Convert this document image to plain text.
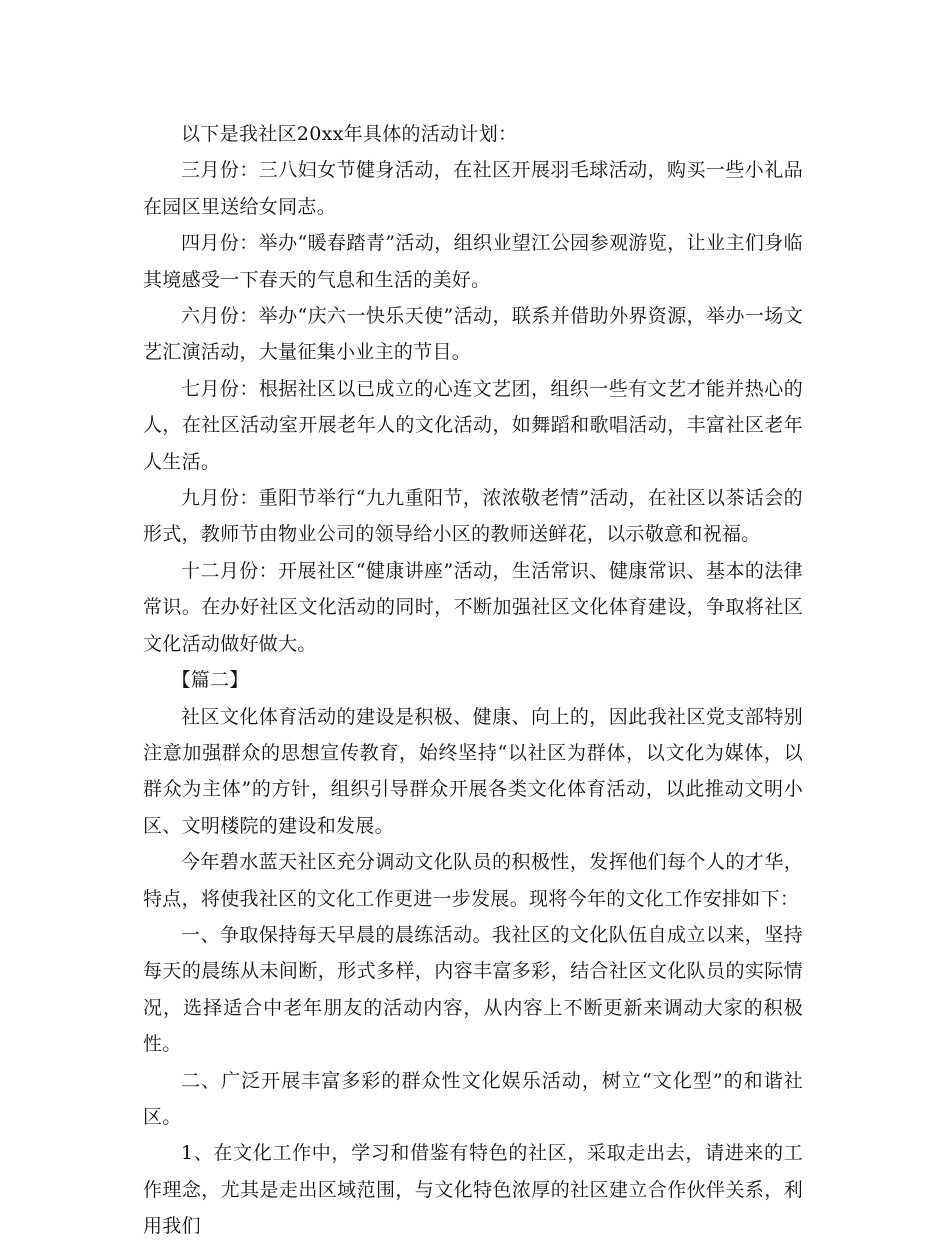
以下是我社区20xx年具体的活动计划：

三月份：三八妇女节健身活动，在社区开展羽毛球活动，购买一些小礼品在园区里送给女同志。

四月份：举办“暖春踏青”活动，组织业望江公园参观游览，让业主们身临其境感受一下春天的气息和生活的美好。

六月份：举办“庆六一快乐天使”活动，联系并借助外界资源，举办一场文艺汇演活动，大量征集小业主的节目。

七月份：根据社区以已成立的心连文艺团，组织一些有文艺才能并热心的人，在社区活动室开展老年人的文化活动，如舞蹈和歌唱活动，丰富社区老年人生活。

九月份：重阳节举行“九九重阳节，浓浓敬老情”活动，在社区以茶话会的形式，教师节由物业公司的领导给小区的教师送鲜花，以示敬意和祝福。

十二月份：开展社区“健康讲座”活动，生活常识、健康常识、基本的法律常识。在办好社区文化活动的同时，不断加强社区文化体育建设，争取将社区文化活动做好做大。

【篇二】

社区文化体育活动的建设是积极、健康、向上的，因此我社区党支部特别注意加强群众的思想宣传教育，始终坚持“以社区为群体，以文化为媒体，以群众为主体”的方针，组织引导群众开展各类文化体育活动，以此推动文明小区、文明楼院的建设和发展。

今年碧水蓝天社区充分调动文化队员的积极性，发挥他们每个人的才华，特点，将使我社区的文化工作更进一步发展。现将今年的文化工作安排如下：

一、争取保持每天早晨的晨练活动。我社区的文化队伍自成立以来，坚持每天的晨练从未间断，形式多样，内容丰富多彩，结合社区文化队员的实际情况，选择适合中老年朋友的活动内容，从内容上不断更新来调动大家的积极性。

二、广泛开展丰富多彩的群众性文化娱乐活动，树立“文化型”的和谐社区。

1、在文化工作中，学习和借鉴有特色的社区，采取走出去，请进来的工作理念，尤其是走出区域范围，与文化特色浓厚的社区建立合作伙伴关系，利用我们
